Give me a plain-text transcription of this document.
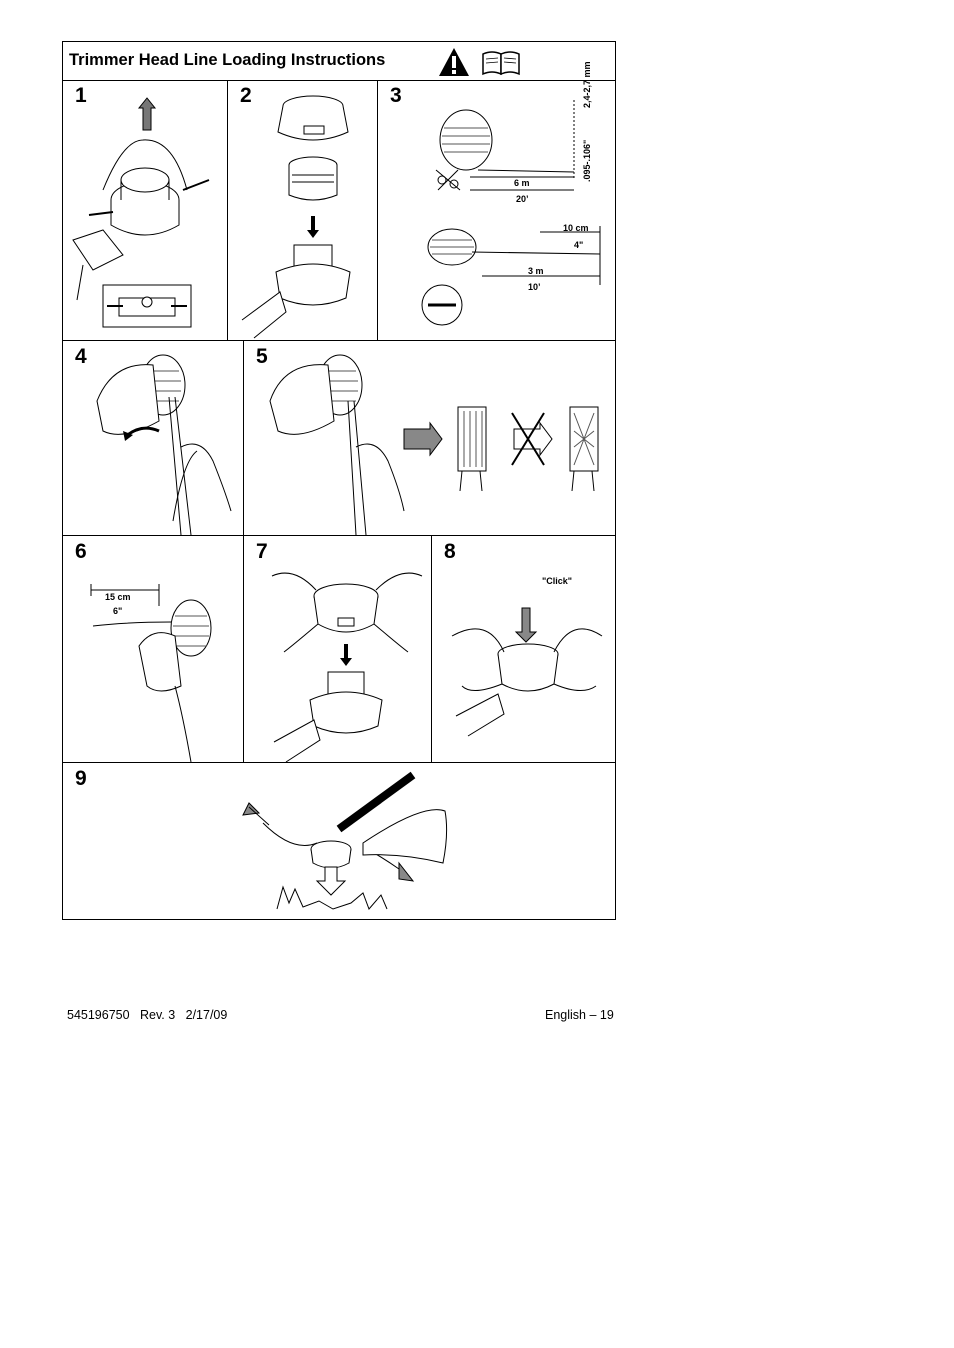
Trimmer Head Line Loading Instructions
1	2	3	2,4-2,7 mm
.095-.106"
6 m
20’
10 cm
4"
3 m
10’
4	5
6
15 cm
6"
7	8
"Click"
9
545196750 Rev. 3 2/17/09	English – 19
